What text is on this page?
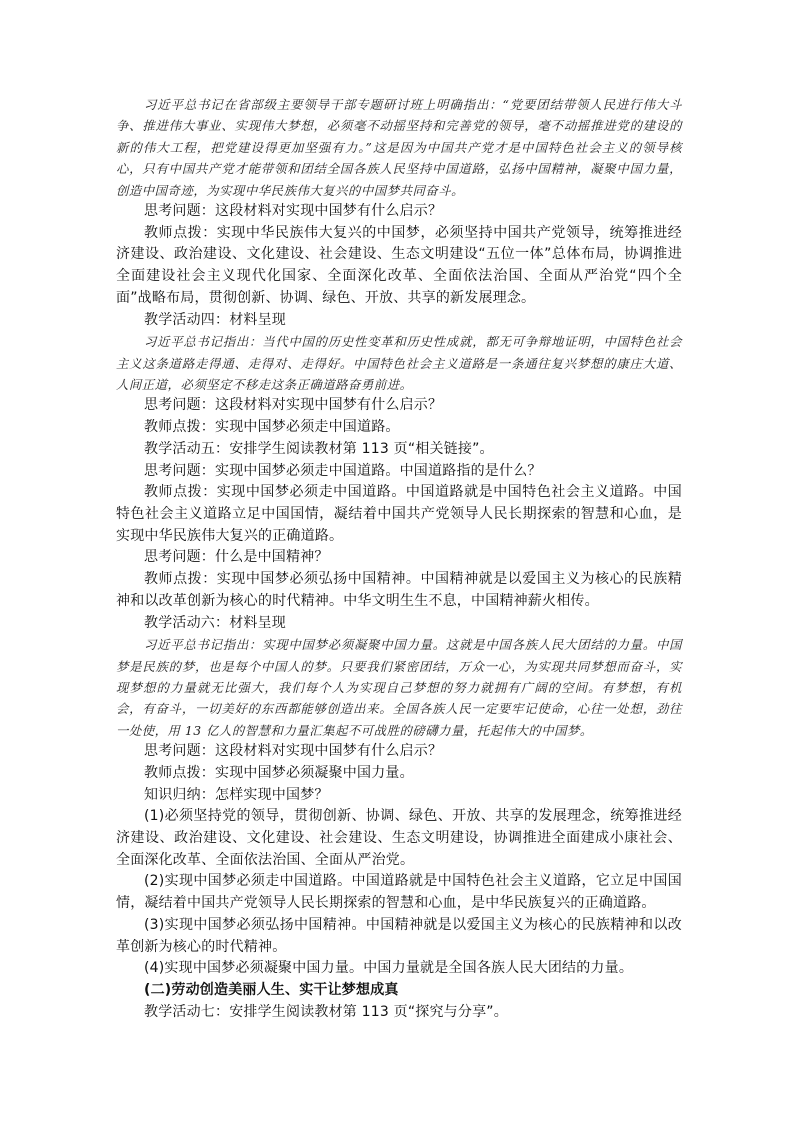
习近平总书记在省部级主要领导干部专题研讨班上明确指出：“党要团结带领人民进行伟大斗争、推进伟大事业、实现伟大梦想，必须毫不动摇坚持和完善党的领导，毫不动摇推进党的建设的新的伟大工程，把党建设得更加坚强有力。”这是因为中国共产党才是中国特色社会主义的领导核心，只有中国共产党才能带领和团结全国各族人民坚持中国道路，弘扬中国精神，凝聚中国力量，创造中国奇迹，为实现中华民族伟大复兴的中国梦共同奋斗。

思考问题：这段材料对实现中国梦有什么启示？

教师点拨：实现中华民族伟大复兴的中国梦，必须坚持中国共产党领导，统筹推进经济建设、政治建设、文化建设、社会建设、生态文明建设“五位一体”总体布局，协调推进全面建设社会主义现代化国家、全面深化改革、全面依法治国、全面从严治党“四个全面”战略布局，贯彻创新、协调、绿色、开放、共享的新发展理念。

教学活动四：材料呈现

习近平总书记指出：当代中国的历史性变革和历史性成就，都无可争辩地证明，中国特色社会主义这条道路走得通、走得对、走得好。中国特色社会主义道路是一条通往复兴梦想的康庄大道、人间正道，必须坚定不移走这条正确道路奋勇前进。

思考问题：这段材料对实现中国梦有什么启示？

教师点拨：实现中国梦必须走中国道路。

教学活动五：安排学生阅读教材第 113 页“相关链接”。

思考问题：实现中国梦必须走中国道路。中国道路指的是什么？

教师点拨：实现中国梦必须走中国道路。中国道路就是中国特色社会主义道路。中国特色社会主义道路立足中国国情，凝结着中国共产党领导人民长期探索的智慧和心血，是实现中华民族伟大复兴的正确道路。

思考问题：什么是中国精神？

教师点拨：实现中国梦必须弘扬中国精神。中国精神就是以爱国主义为核心的民族精神和以改革创新为核心的时代精神。中华文明生生不息，中国精神薪火相传。

教学活动六：材料呈现

习近平总书记指出：实现中国梦必须凝聚中国力量。这就是中国各族人民大团结的力量。中国梦是民族的梦，也是每个中国人的梦。只要我们紧密团结，万众一心，为实现共同梦想而奋斗，实现梦想的力量就无比强大，我们每个人为实现自己梦想的努力就拥有广阔的空间。有梦想，有机会，有奋斗，一切美好的东西都能够创造出来。全国各族人民一定要牢记使命，心往一处想，劲往一处使，用 13 亿人的智慧和力量汇集起不可战胜的磅礴力量，托起伟大的中国梦。

思考问题：这段材料对实现中国梦有什么启示？

教师点拨：实现中国梦必须凝聚中国力量。

知识归纳：怎样实现中国梦？

(1)必须坚持党的领导，贯彻创新、协调、绿色、开放、共享的发展理念，统筹推进经济建设、政治建设、文化建设、社会建设、生态文明建设，协调推进全面建成小康社会、全面深化改革、全面依法治国、全面从严治党。

(2)实现中国梦必须走中国道路。中国道路就是中国特色社会主义道路，它立足中国国情，凝结着中国共产党领导人民长期探索的智慧和心血，是中华民族复兴的正确道路。

(3)实现中国梦必须弘扬中国精神。中国精神就是以爱国主义为核心的民族精神和以改革创新为核心的时代精神。

(4)实现中国梦必须凝聚中国力量。中国力量就是全国各族人民大团结的力量。

(二)劳动创造美丽人生、实干让梦想成真

教学活动七：安排学生阅读教材第 113 页“探究与分享”。
